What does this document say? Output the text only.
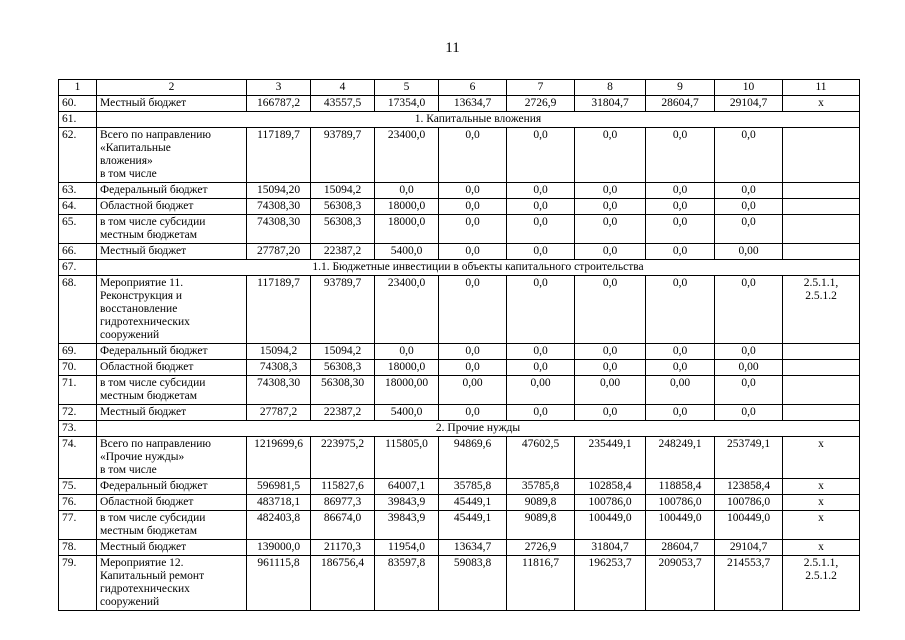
11
1	2	3	4	5	6	7	8	9	10	11
60.	Местный бюджет	166787,2	43557,5	17354,0	13634,7	2726,9	31804,7	28604,7	29104,7	х
61.	1. Капитальные вложения									
62.	Всего по направлению
«Капитальные
вложения»
в том числе	117189,7	93789,7	23400,0	0,0	0,0	0,0	0,0	0,0	
63.	Федеральный бюджет	15094,20	15094,2	0,0	0,0	0,0	0,0	0,0	0,0	
64.	Областной бюджет	74308,30	56308,3	18000,0	0,0	0,0	0,0	0,0	0,0	
65.	в том числе субсидии
местным бюджетам	74308,30	56308,3	18000,0	0,0	0,0	0,0	0,0	0,0	
66.	Местный бюджет	27787,20	22387,2	5400,0	0,0	0,0	0,0	0,0	0,00	
67.	1.1. Бюджетные инвестиции в объекты капитального строительства									
68.	Мероприятие 11.
Реконструкция и
восстановление
гидротехнических
сооружений	117189,7	93789,7	23400,0	0,0	0,0	0,0	0,0	0,0	2.5.1.1,
2.5.1.2
69.	Федеральный бюджет	15094,2	15094,2	0,0	0,0	0,0	0,0	0,0	0,0	
70.	Областной бюджет	74308,3	56308,3	18000,0	0,0	0,0	0,0	0,0	0,00	
71.	в том числе субсидии
местным бюджетам	74308,30	56308,30	18000,00	0,00	0,00	0,00	0,00	0,0	
72.	Местный бюджет	27787,2	22387,2	5400,0	0,0	0,0	0,0	0,0	0,0	
73.	2. Прочие нужды									
74.	Всего по направлению
«Прочие нужды»
в том числе	1219699,6	223975,2	115805,0	94869,6	47602,5	235449,1	248249,1	253749,1	х
75.	Федеральный бюджет	596981,5	115827,6	64007,1	35785,8	35785,8	102858,4	118858,4	123858,4	х
76.	Областной бюджет	483718,1	86977,3	39843,9	45449,1	9089,8	100786,0	100786,0	100786,0	х
77.	в том числе субсидии
местным бюджетам	482403,8	86674,0	39843,9	45449,1	9089,8	100449,0	100449,0	100449,0	х
78.	Местный бюджет	139000,0	21170,3	11954,0	13634,7	2726,9	31804,7	28604,7	29104,7	х
79.	Мероприятие 12.
Капитальный ремонт
гидротехнических
сооружений	961115,8	186756,4	83597,8	59083,8	11816,7	196253,7	209053,7	214553,7	2.5.1.1,
2.5.1.2
